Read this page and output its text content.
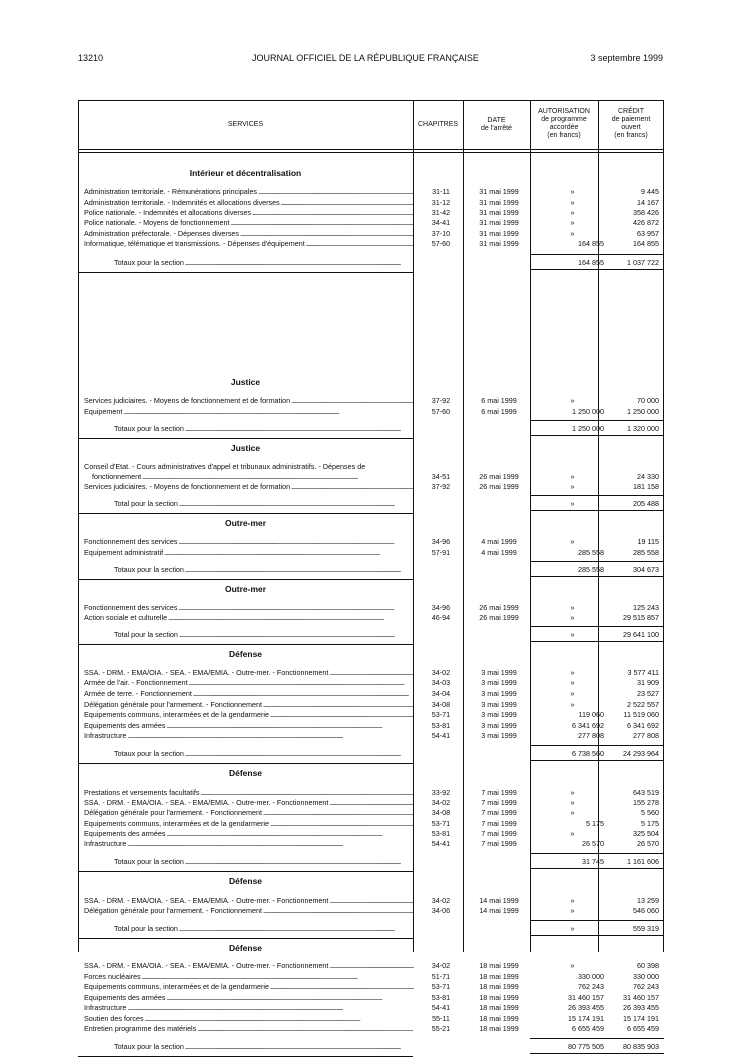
13210	JOURNAL OFFICIEL DE LA RÉPUBLIQUE FRANÇAISE	3 septembre 1999
SERVICES	CHAPITRES
DATE
de l'arrêté
AUTORISATION
de programme
accordée
(en francs)
CRÉDIT
de paiement
ouvert
(en francs)
Intérieur et décentralisation
Administration territoriale. - Rémunérations principales .....	31-11	31 mai 1999	»	9 445
Administration territoriale. - Indemnités et allocations diverses .....	31-12	31 mai 1999	»	14 167
Police nationale. - Indemnités et allocations diverses .....	31-42	31 mai 1999	»	358 426
Police nationale. - Moyens de fonctionnement .....	34-41	31 mai 1999	»	426 872
Administration préfectorale. - Dépenses diverses .....	37-10	31 mai 1999	»	63 957
Informatique, télématique et transmissions. - Dépenses d'équipement .....	57-60	31 mai 1999	164 855	164 855
Totaux pour la section .....	164 855	1 037 722
Justice
Services judiciaires. - Moyens de fonctionnement et de formation .....	37-92	6 mai 1999	»	70 000
Equipement .....	57-60	6 mai 1999	1 250 000	1 250 000
Totaux pour la section .....	1 250 000	1 320 000
Justice
Conseil d'Etat. - Cours administratives d'appel et tribunaux administratifs. - Dépenses de
fonctionnement .....	34-51	26 mai 1999	»	24 330
Services judiciaires. - Moyens de fonctionnement et de formation .....	37-92	26 mai 1999	»	181 158
Total pour la section .....	»	205 488
Outre-mer
Fonctionnement des services .....	34-96	4 mai 1999	»	19 115
Equipement administratif .....	57-91	4 mai 1999	285 558	285 558
Totaux pour la section .....	285 558	304 673
Outre-mer
Fonctionnement des services .....	34-96	26 mai 1999	»	125 243
Action sociale et culturelle .....	46-94	26 mai 1999	»	29 515 857
Total pour la section .....	»	29 641 100
Défense
SSA. - DRM. - EMA/OIA. - SEA. - EMA/EMIA. - Outre-mer. - Fonctionnement .....	34-02	3 mai 1999	»	3 577 411
Armée de l'air. - Fonctionnement .....	34-03	3 mai 1999	»	31 909
Armée de terre. - Fonctionnement .....	34-04	3 mai 1999	»	23 527
Délégation générale pour l'armement. - Fonctionnement .....	34-08	3 mai 1999	»	2 522 557
Equipements communs, interarmées et de la gendarmerie .....	53-71	3 mai 1999	119 060	11 519 060
Equipements des armées .....	53-81	3 mai 1999	6 341 692	6 341 692
Infrastructure .....	54-41	3 mai 1999	277 808	277 808
Totaux pour la section .....	6 738 560	24 293 964
Défense
Prestations et versements facultatifs .....	33-92	7 mai 1999	»	643 519
SSA. - DRM. - EMA/OIA. - SEA. - EMA/EMIA. - Outre-mer. - Fonctionnement .....	34-02	7 mai 1999	»	155 278
Délégation générale pour l'armement. - Fonctionnement .....	34-08	7 mai 1999	»	5 560
Equipements communs, interarmées et de la gendarmerie .....	53-71	7 mai 1999	5 175	5 175
Equipements des armées .....	53-81	7 mai 1999	»	325 504
Infrastructure .....	54-41	7 mai 1999	26 570	26 570
Totaux pour la section .....	31 745	1 161 606
Défense
SSA. - DRM. - EMA/OIA. - SEA. - EMA/EMIA. - Outre-mer. - Fonctionnement .....	34-02	14 mai 1999	»	13 259
Délégation générale pour l'armement. - Fonctionnement .....	34-06	14 mai 1999	»	546 060
Total pour la section .....	»	559 319
Défense
SSA. - DRM. - EMA/OIA. - SEA. - EMA/EMIA. - Outre-mer. - Fonctionnement .....	34-02	18 mai 1999	»	60 398
Forces nucléaires .....	51-71	18 mai 1999	330 000	330 000
Equipements communs, interarmées et de la gendarmerie .....	53-71	18 mai 1999	762 243	762 243
Equipements des armées .....	53-81	18 mai 1999	31 460 157	31 460 157
Infrastructure .....	54-41	18 mai 1999	26 393 455	26 393 455
Soutien des forces .....	55-11	18 mai 1999	15 174 191	15 174 191
Entretien programme des matériels .....	55-21	18 mai 1999	6 655 459	6 655 459
Totaux pour la section .....	80 775 505	80 835 903
